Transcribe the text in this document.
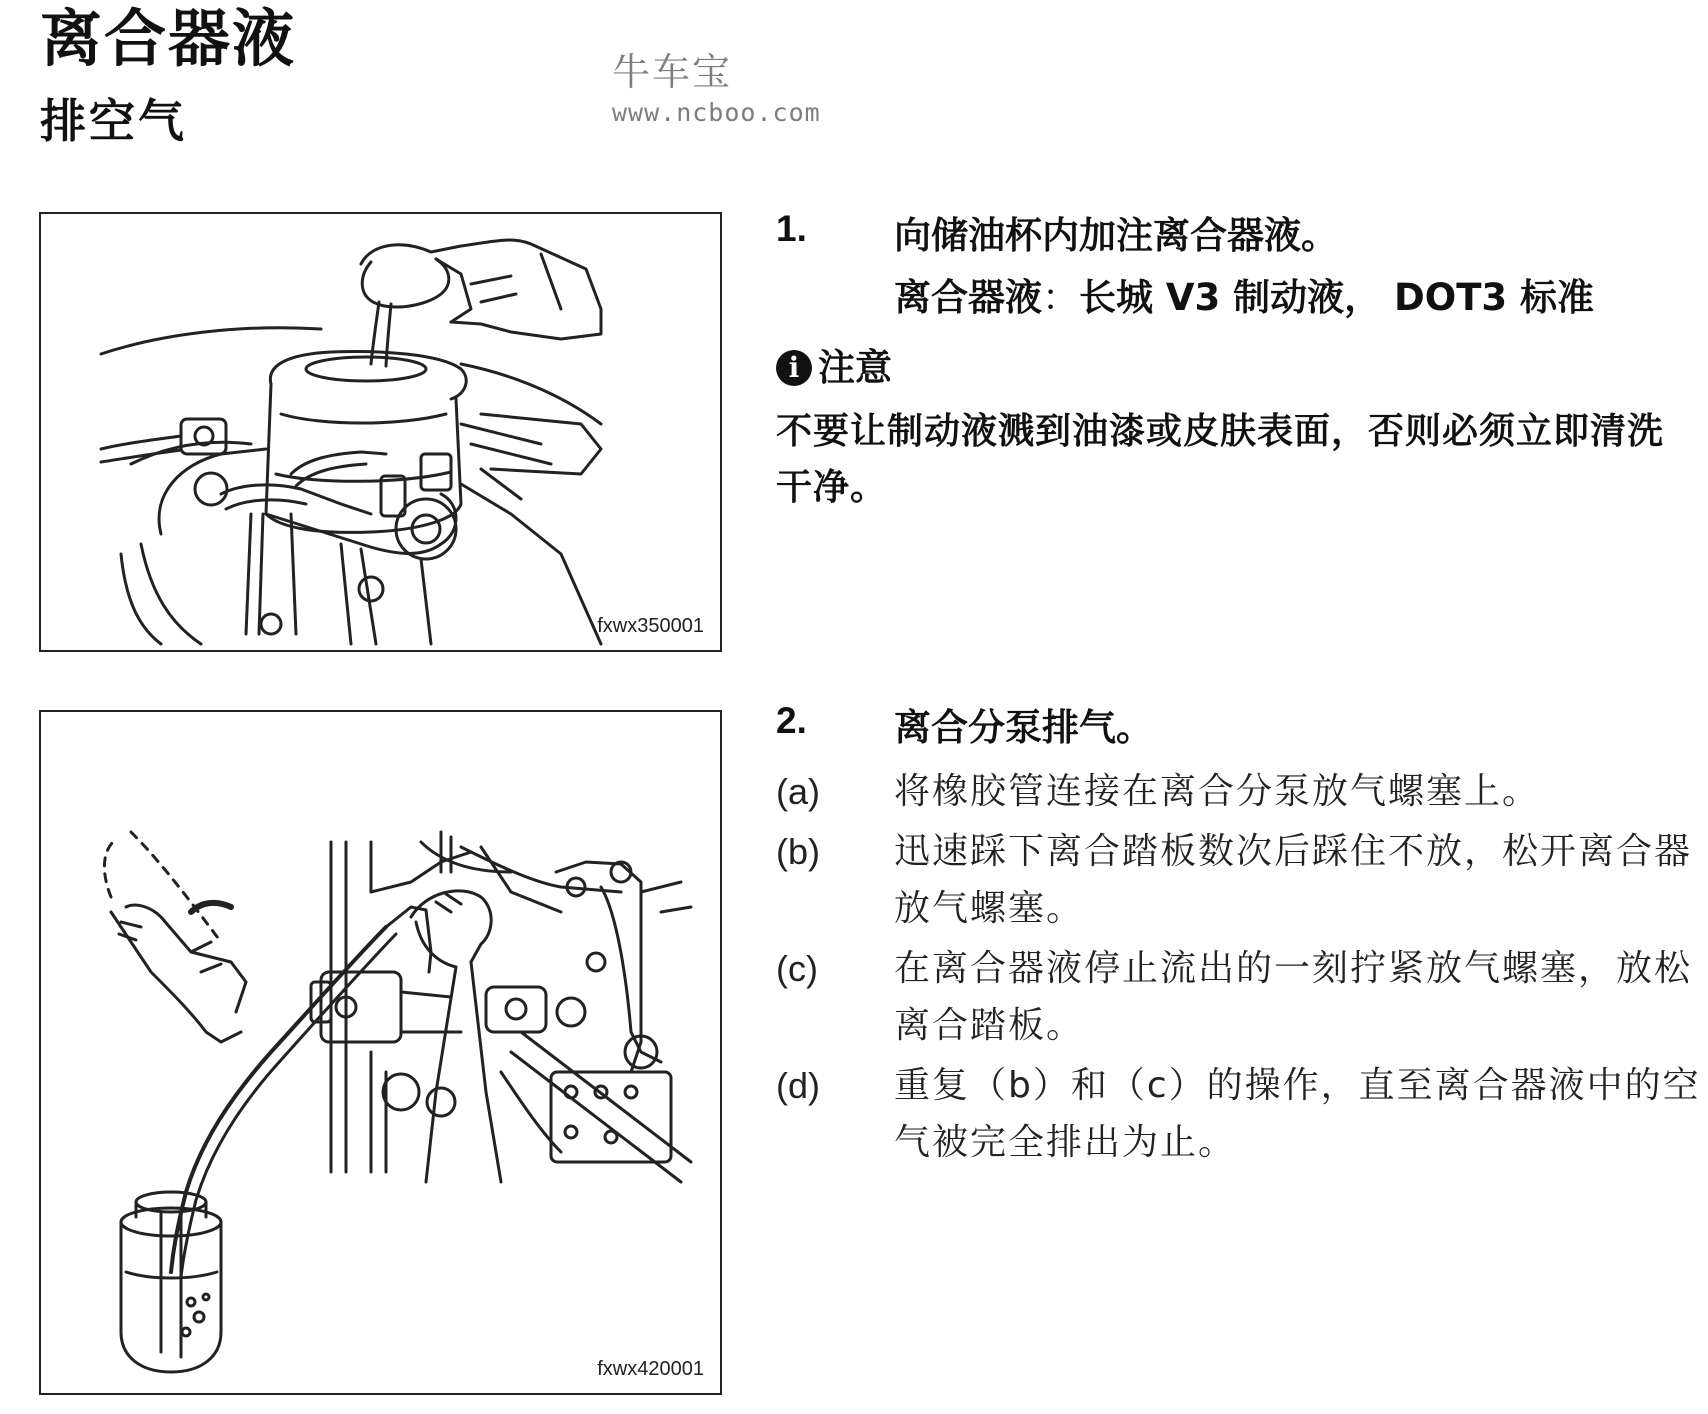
离合器液
排空气
牛车宝
www.ncboo.com
fxwx350001
fxwx420001
1. 向储油杯内加注离合器液。
离合器液：长城 V3 制动液， DOT3 标准
i 注意
不要让制动液溅到油漆或皮肤表面，否则必须立即清洗干净。
2. 离合分泵排气。
(a) 将橡胶管连接在离合分泵放气螺塞上。
(b) 迅速踩下离合踏板数次后踩住不放，松开离合器放气螺塞。
(c) 在离合器液停止流出的一刻拧紧放气螺塞，放松离合踏板。
(d) 重复（b）和（c）的操作，直至离合器液中的空气被完全排出为止。
